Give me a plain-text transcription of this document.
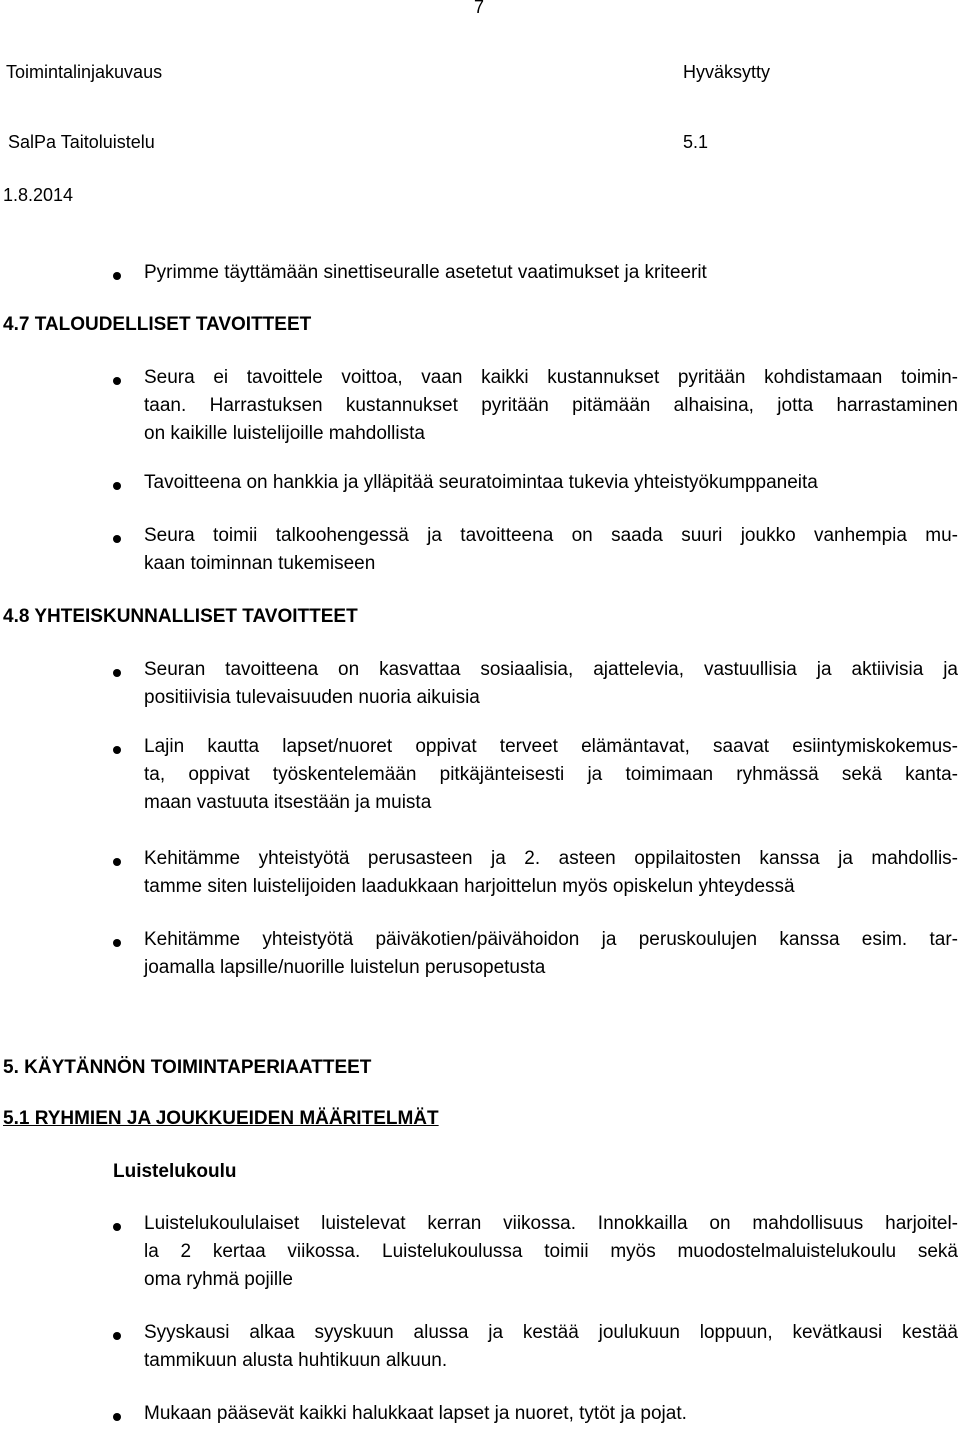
7
Toimintalinjakuvaus	Hyväksytty
SalPa Taitoluistelu	5.1
1.8.2014
Pyrimme täyttämään sinettiseuralle asetetut vaatimukset ja kriteerit
4.7 TALOUDELLISET TAVOITTEET
Seura ei tavoittele voittoa, vaan kaikki kustannukset pyritään kohdistamaan toimin-
taan. Harrastuksen kustannukset pyritään pitämään alhaisina, jotta harrastaminen
on kaikille luistelijoille mahdollista
Tavoitteena on hankkia ja ylläpitää seuratoimintaa tukevia yhteistyökumppaneita
Seura toimii talkoohengessä ja tavoitteena on saada suuri joukko vanhempia mu-
kaan toiminnan tukemiseen
4.8 YHTEISKUNNALLISET TAVOITTEET
Seuran tavoitteena on kasvattaa sosiaalisia, ajattelevia, vastuullisia ja aktiivisia ja
positiivisia tulevaisuuden nuoria aikuisia
Lajin kautta lapset/nuoret oppivat terveet elämäntavat, saavat esiintymiskokemus-
ta, oppivat työskentelemään pitkäjänteisesti ja toimimaan ryhmässä sekä kanta-
maan vastuuta itsestään ja muista
Kehitämme yhteistyötä perusasteen ja 2. asteen oppilaitosten kanssa ja mahdollis-
tamme siten luistelijoiden laadukkaan harjoittelun myös opiskelun yhteydessä
Kehitämme yhteistyötä päiväkotien/päivähoidon ja peruskoulujen kanssa esim. tar-
joamalla lapsille/nuorille luistelun perusopetusta
5. KÄYTÄNNÖN TOIMINTAPERIAATTEET
5.1 RYHMIEN JA JOUKKUEIDEN MÄÄRITELMÄT
Luistelukoulu
Luistelukoululaiset luistelevat kerran viikossa. Innokkailla on mahdollisuus harjoitel-
la 2 kertaa viikossa. Luistelukoulussa toimii myös muodostelmaluistelukoulu sekä
oma ryhmä pojille
Syyskausi alkaa syyskuun alussa ja kestää joulukuun loppuun, kevätkausi kestää
tammikuun alusta huhtikuun alkuun.
Mukaan pääsevät kaikki halukkaat lapset ja nuoret, tytöt ja pojat.
